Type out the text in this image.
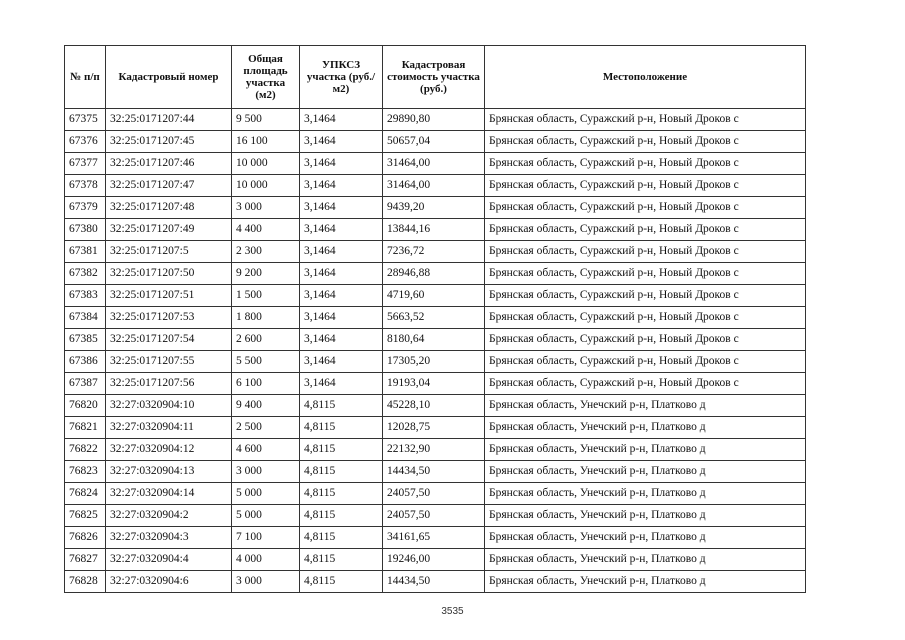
№ п/п	Кадастровый номер	Общая площадь участка (м2)	УПКСЗ участка (руб./м2)	Кадастровая стоимость участка (руб.)	Местоположение
67375	32:25:0171207:44	9 500	3,1464	29890,80	Брянская область, Суражский р-н, Новый Дроков с
67376	32:25:0171207:45	16 100	3,1464	50657,04	Брянская область, Суражский р-н, Новый Дроков с
67377	32:25:0171207:46	10 000	3,1464	31464,00	Брянская область, Суражский р-н, Новый Дроков с
67378	32:25:0171207:47	10 000	3,1464	31464,00	Брянская область, Суражский р-н, Новый Дроков с
67379	32:25:0171207:48	3 000	3,1464	9439,20	Брянская область, Суражский р-н, Новый Дроков с
67380	32:25:0171207:49	4 400	3,1464	13844,16	Брянская область, Суражский р-н, Новый Дроков с
67381	32:25:0171207:5	2 300	3,1464	7236,72	Брянская область, Суражский р-н, Новый Дроков с
67382	32:25:0171207:50	9 200	3,1464	28946,88	Брянская область, Суражский р-н, Новый Дроков с
67383	32:25:0171207:51	1 500	3,1464	4719,60	Брянская область, Суражский р-н, Новый Дроков с
67384	32:25:0171207:53	1 800	3,1464	5663,52	Брянская область, Суражский р-н, Новый Дроков с
67385	32:25:0171207:54	2 600	3,1464	8180,64	Брянская область, Суражский р-н, Новый Дроков с
67386	32:25:0171207:55	5 500	3,1464	17305,20	Брянская область, Суражский р-н, Новый Дроков с
67387	32:25:0171207:56	6 100	3,1464	19193,04	Брянская область, Суражский р-н, Новый Дроков с
76820	32:27:0320904:10	9 400	4,8115	45228,10	Брянская область, Унечский р-н, Платково д
76821	32:27:0320904:11	2 500	4,8115	12028,75	Брянская область, Унечский р-н, Платково д
76822	32:27:0320904:12	4 600	4,8115	22132,90	Брянская область, Унечский р-н, Платково д
76823	32:27:0320904:13	3 000	4,8115	14434,50	Брянская область, Унечский р-н, Платково д
76824	32:27:0320904:14	5 000	4,8115	24057,50	Брянская область, Унечский р-н, Платково д
76825	32:27:0320904:2	5 000	4,8115	24057,50	Брянская область, Унечский р-н, Платково д
76826	32:27:0320904:3	7 100	4,8115	34161,65	Брянская область, Унечский р-н, Платково д
76827	32:27:0320904:4	4 000	4,8115	19246,00	Брянская область, Унечский р-н, Платково д
76828	32:27:0320904:6	3 000	4,8115	14434,50	Брянская область, Унечский р-н, Платково д
3535
